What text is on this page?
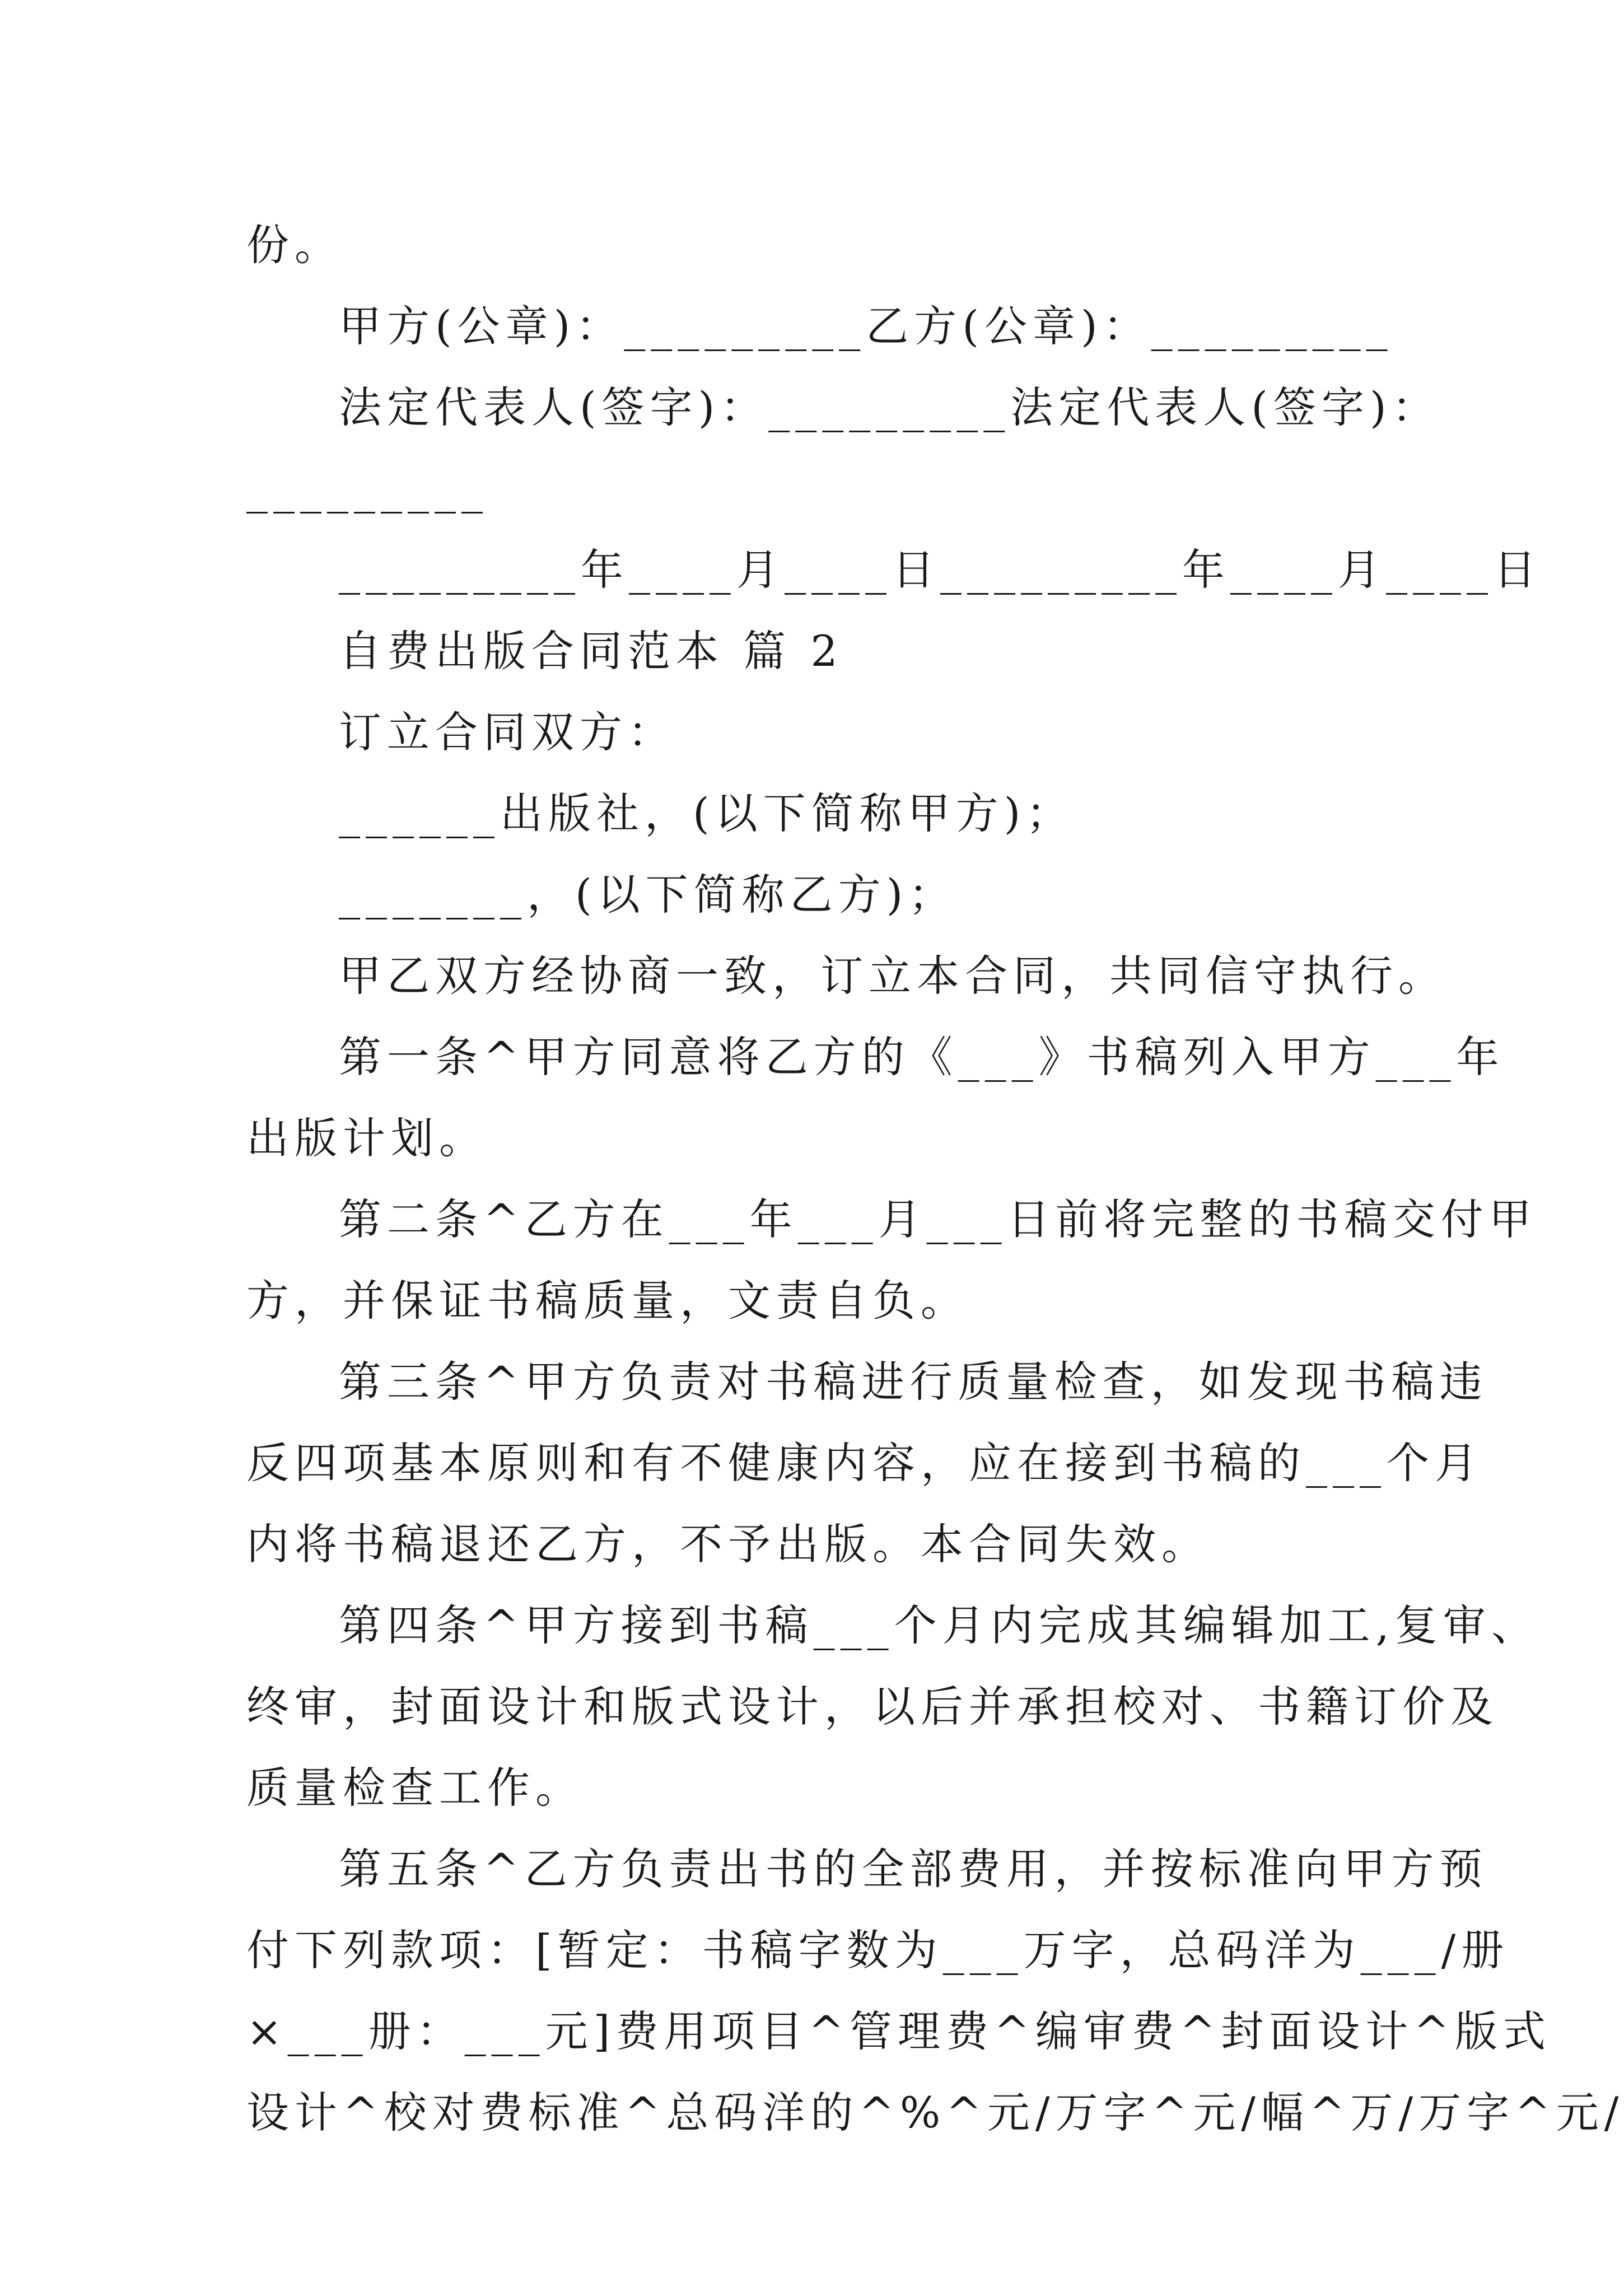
份。
甲方(公章)：_________乙方(公章)：_________
法定代表人(签字)：_________法定代表人(签字)：
_________
_________年____月____日_________年____月____日
自费出版合同范本 篇 2
订立合同双方：
______出版社，(以下简称甲方)；
_______，(以下简称乙方)；
甲乙双方经协商一致，订立本合同，共同信守执行。
第一条^甲方同意将乙方的《___》书稿列入甲方___年
出版计划。
第二条^乙方在___年___月___日前将完整的书稿交付甲
方，并保证书稿质量，文责自负。
第三条^甲方负责对书稿进行质量检查，如发现书稿违
反四项基本原则和有不健康内容，应在接到书稿的___个月
内将书稿退还乙方，不予出版。本合同失效。
第四条^甲方接到书稿___个月内完成其编辑加工,复审、
终审，封面设计和版式设计，以后并承担校对、书籍订价及
质量检查工作。
第五条^乙方负责出书的全部费用，并按标准向甲方预
付下列款项：[暂定：书稿字数为___万字，总码洋为___/册
×___册：___元]费用项目^管理费^编审费^封面设计^版式
设计^校对费标准^总码洋的^%^元/万字^元/幅^万/万字^元/
